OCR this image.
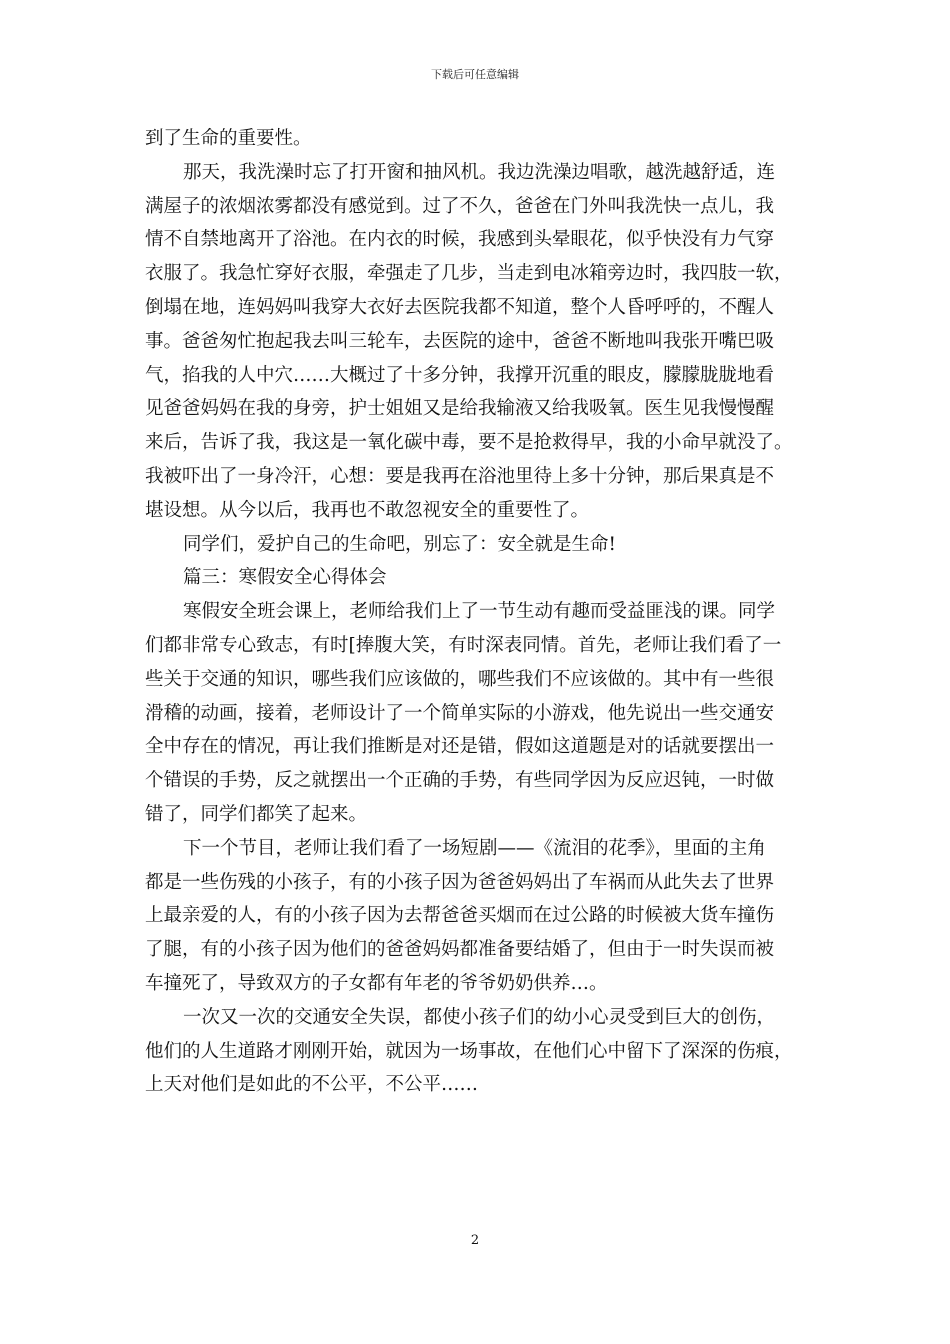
下载后可任意编辑
到了生命的重要性。
那天，我洗澡时忘了打开窗和抽风机。我边洗澡边唱歌，越洗越舒适，连
满屋子的浓烟浓雾都没有感觉到。过了不久，爸爸在门外叫我洗快一点儿，我
情不自禁地离开了浴池。在内衣的时候，我感到头晕眼花，似乎快没有力气穿
衣服了。我急忙穿好衣服，牵强走了几步，当走到电冰箱旁边时，我四肢一软，
倒塌在地，连妈妈叫我穿大衣好去医院我都不知道，整个人昏呼呼的，不醒人
事。爸爸匆忙抱起我去叫三轮车，去医院的途中，爸爸不断地叫我张开嘴巴吸
气，掐我的人中穴……大概过了十多分钟，我撑开沉重的眼皮，朦朦胧胧地看
见爸爸妈妈在我的身旁，护士姐姐又是给我输液又给我吸氧。医生见我慢慢醒
来后，告诉了我，我这是一氧化碳中毒，要不是抢救得早，我的小命早就没了。
我被吓出了一身冷汗，心想：要是我再在浴池里待上多十分钟，那后果真是不
堪设想。从今以后，我再也不敢忽视安全的重要性了。
同学们，爱护自己的生命吧，别忘了：安全就是生命!
篇三：寒假安全心得体会
寒假安全班会课上，老师给我们上了一节生动有趣而受益匪浅的课。同学
们都非常专心致志，有时[捧腹大笑，有时深表同情。首先，老师让我们看了一
些关于交通的知识，哪些我们应该做的，哪些我们不应该做的。其中有一些很
滑稽的动画，接着，老师设计了一个简单实际的小游戏，他先说出一些交通安
全中存在的情况，再让我们推断是对还是错，假如这道题是对的话就要摆出一
个错误的手势，反之就摆出一个正确的手势，有些同学因为反应迟钝，一时做
错了，同学们都笑了起来。
下一个节目，老师让我们看了一场短剧——《流泪的花季》，里面的主角
都是一些伤残的小孩子，有的小孩子因为爸爸妈妈出了车祸而从此失去了世界
上最亲爱的人，有的小孩子因为去帮爸爸买烟而在过公路的时候被大货车撞伤
了腿，有的小孩子因为他们的爸爸妈妈都准备要结婚了，但由于一时失误而被
车撞死了，导致双方的子女都有年老的爷爷奶奶供养…。
一次又一次的交通安全失误，都使小孩子们的幼小心灵受到巨大的创伤，
他们的人生道路才刚刚开始，就因为一场事故，在他们心中留下了深深的伤痕，
上天对他们是如此的不公平，不公平……
2
